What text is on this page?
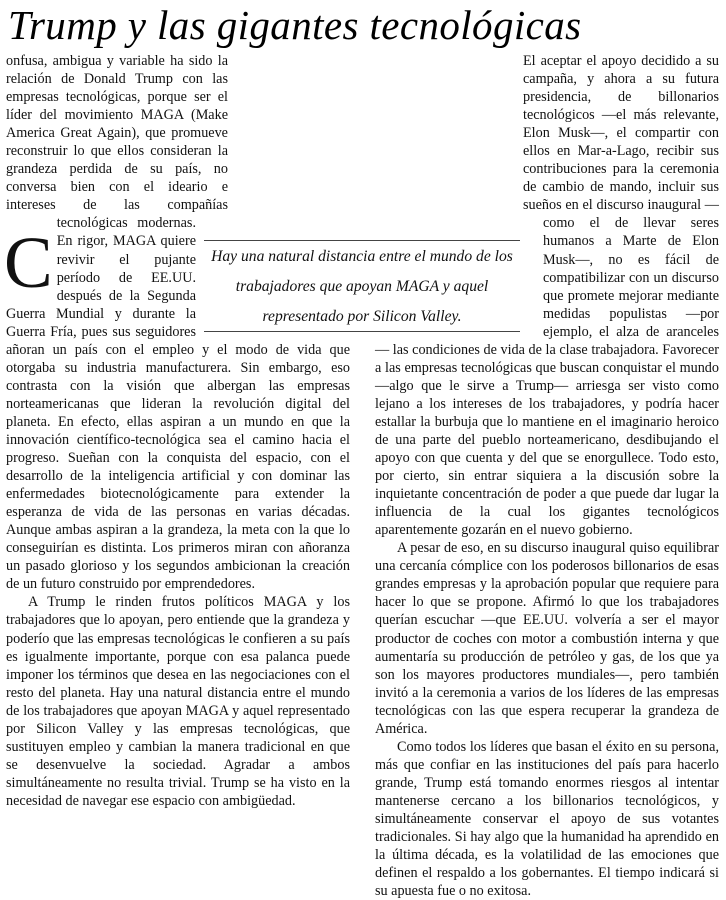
Trump y las gigantes tecnológicas

C
onfusa, ambigua y variable ha sido la relación de Donald Trump con las empresas tecnológicas, porque ser el líder del movimiento MAGA (Make America Great Again), que promueve reconstruir lo que ellos consideran la grandeza perdida de su país, no conversa bien con el ideario e intereses de las compañías tecnológicas modernas. En rigor, MAGA quiere revivir el pujante período de EE.UU. después de la Segunda Guerra Mundial y durante la Guerra Fría, pues sus seguidores añoran un país con el empleo y el modo de vida que otorgaba su industria manufacturera. Sin embargo, eso contrasta con la visión que albergan las empresas norteamericanas que lideran la revolución digital del planeta. En efecto, ellas aspiran a un mundo en que la innovación científico-tecnológica sea el camino hacia el progreso. Sueñan con la conquista del espacio, con el desarrollo de la inteligencia artificial y con dominar las enfermedades biotecnológicamente para extender la esperanza de vida de las personas en varias décadas. Aunque ambas aspiran a la grandeza, la meta con la que lo conseguirían es distinta. Los primeros miran con añoranza un pasado glorioso y los segundos ambicionan la creación de un futuro construido por emprendedores.

A Trump le rinden frutos políticos MAGA y los trabajadores que lo apoyan, pero entiende que la grandeza y poderío que las empresas tecnológicas le confieren a su país es igualmente importante, porque con esa palanca puede imponer los términos que desea en las negociaciones con el resto del planeta. Hay una natural distancia entre el mundo de los trabajadores que apoyan MAGA y aquel representado por Silicon Valley y las empresas tecnológicas, que sustituyen empleo y cambian la manera tradicional en que se desenvuelve la sociedad. Agradar a ambos simultáneamente no resulta trivial. Trump se ha visto en la necesidad de navegar ese espacio con ambigüedad.

El aceptar el apoyo decidido a su campaña, y ahora a su futura presidencia, de billonarios tecnológicos —el más relevante, Elon Musk—, el compartir con ellos en Mar-a-Lago, recibir sus contribuciones para la ceremonia de cambio de mando, incluir sus sueños en el discurso inaugural —como el de llevar seres humanos a Marte de Elon Musk—, no es fácil de compatibilizar con un discurso que promete mejorar mediante medidas populistas —por ejemplo, el alza de aranceles— las condiciones de vida de la clase trabajadora. Favorecer a las empresas tecnológicas que buscan conquistar el mundo —algo que le sirve a Trump— arriesga ser visto como lejano a los intereses de los trabajadores, y podría hacer estallar la burbuja que lo mantiene en el imaginario heroico de una parte del pueblo norteamericano, desdibujando el apoyo con que cuenta y del que se enorgullece. Todo esto, por cierto, sin entrar siquiera a la discusión sobre la inquietante concentración de poder a que puede dar lugar la influencia de la cual los gigantes tecnológicos aparentemente gozarán en el nuevo gobierno.

A pesar de eso, en su discurso inaugural quiso equilibrar una cercanía cómplice con los poderosos billonarios de esas grandes empresas y la aprobación popular que requiere para hacer lo que se propone. Afirmó lo que los trabajadores querían escuchar —que EE.UU. volvería a ser el mayor productor de coches con motor a combustión interna y que aumentaría su producción de petróleo y gas, de los que ya son los mayores productores mundiales—, pero también invitó a la ceremonia a varios de los líderes de las empresas tecnológicas con las que espera recuperar la grandeza de América.

Como todos los líderes que basan el éxito en su persona, más que confiar en las instituciones del país para hacerlo grande, Trump está tomando enormes riesgos al intentar mantenerse cercano a los billonarios tecnológicos, y simultáneamente conservar el apoyo de sus votantes tradicionales. Si hay algo que la humanidad ha aprendido en la última década, es la volatilidad de las emociones que definen el respaldo a los gobernantes. El tiempo indicará si su apuesta fue o no exitosa.

Hay una natural distancia entre el mundo de los trabajadores que apoyan MAGA y aquel representado por Silicon Valley.
